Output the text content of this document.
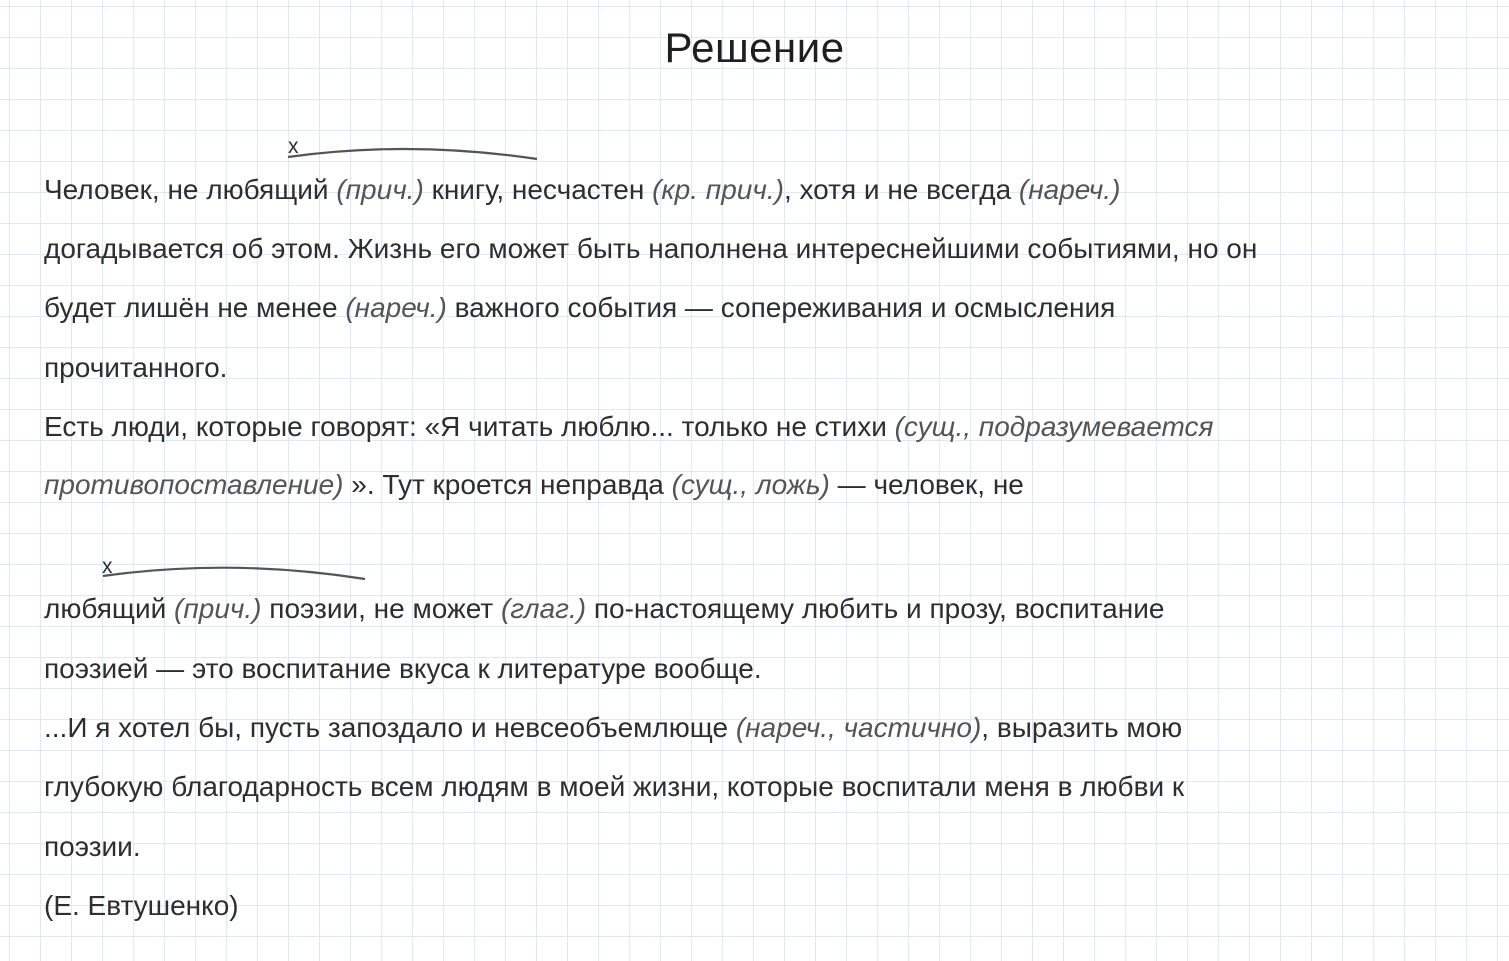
Решение
x
Человек, не любящий (прич.) книгу, несчастен (кр. прич.), хотя и не всегда (нареч.)
догадывается об этом. Жизнь его может быть наполнена интереснейшими событиями, но он
будет лишён не менее (нареч.) важного события — сопереживания и осмысления
прочитанного.
Есть люди, которые говорят: «Я читать люблю... только не стихи (сущ., подразумевается
противопоставление) ». Тут кроется неправда (сущ., ложь) — человек, не
x
любящий (прич.) поэзии, не может (глаг.) по-настоящему любить и прозу, воспитание
поэзией — это воспитание вкуса к литературе вообще.
...И я хотел бы, пусть запоздало и невсеобъемлюще (нареч., частично), выразить мою
глубокую благодарность всем людям в моей жизни, которые воспитали меня в любви к
поэзии.
(Е. Евтушенко)
